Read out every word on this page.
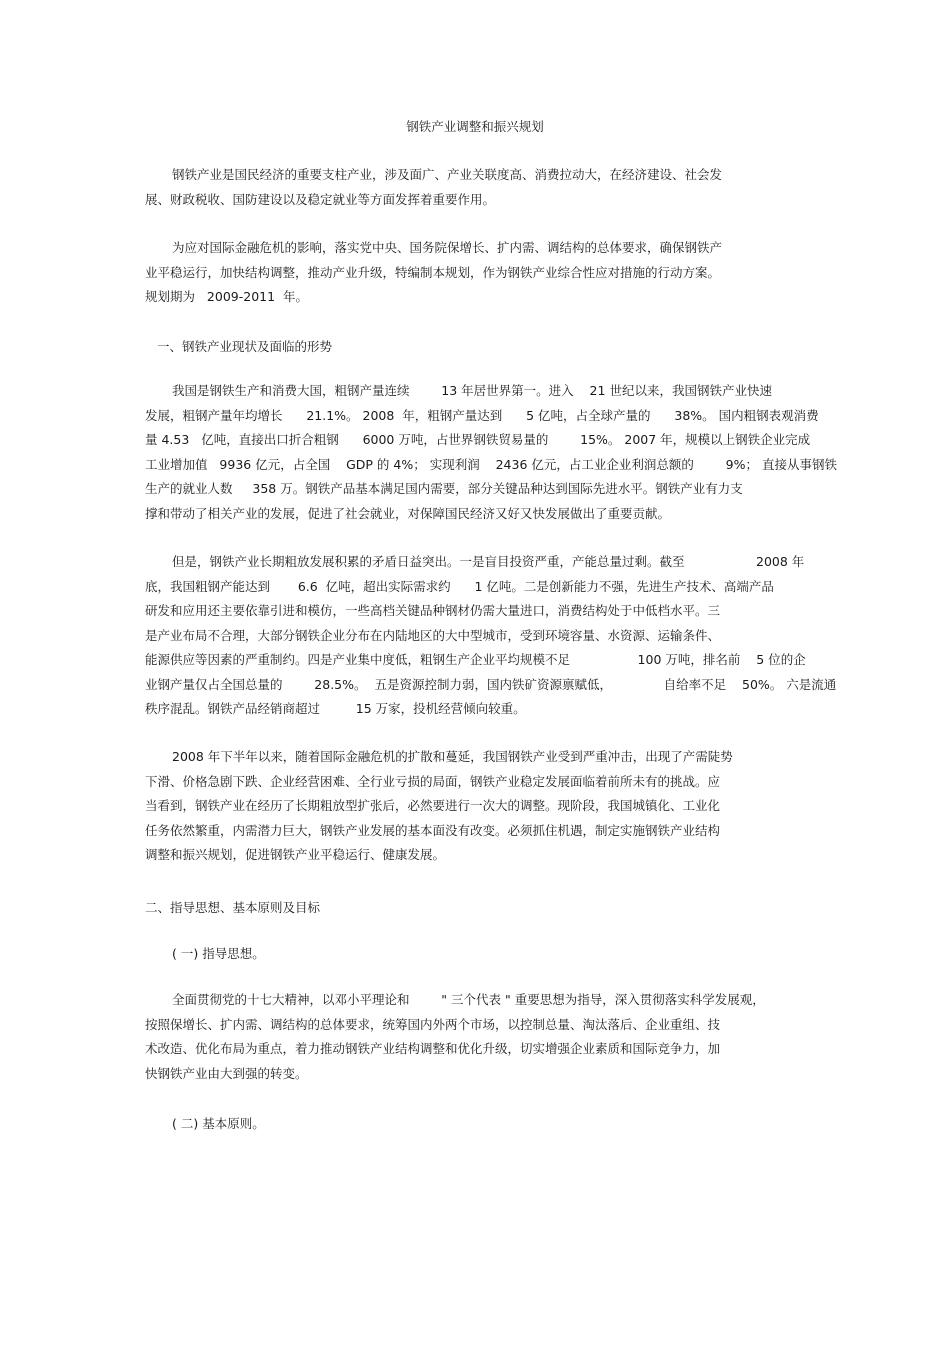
钢铁产业调整和振兴规划
钢铁产业是国民经济的重要支柱产业，涉及面广、产业关联度高、消费拉动大，在经济建设、社会发
展、财政税收、国防建设以及稳定就业等方面发挥着重要作用。
为应对国际金融危机的影响，落实党中央、国务院保增长、扩内需、调结构的总体要求，确保钢铁产
业平稳运行，加快结构调整，推动产业升级，特编制本规划，作为钢铁产业综合性应对措施的行动方案。
规划期为   2009-2011  年。
一、钢铁产业现状及面临的形势
我国是钢铁生产和消费大国，粗钢产量连续        13 年居世界第一。进入    21 世纪以来，我国钢铁产业快速
发展，粗钢产量年均增长      21.1%。 2008  年，粗钢产量达到      5 亿吨，占全球产量的      38%。 国内粗钢表观消费
量 4.53   亿吨，直接出口折合粗钢      6000 万吨，占世界钢铁贸易量的        15%。 2007 年，规模以上钢铁企业完成
工业增加值   9936 亿元，占全国    GDP 的 4%； 实现利润    2436 亿元，占工业企业利润总额的        9%； 直接从事钢铁
生产的就业人数     358 万。钢铁产品基本满足国内需要，部分关键品种达到国际先进水平。钢铁产业有力支
撑和带动了相关产业的发展，促进了社会就业，对保障国民经济又好又快发展做出了重要贡献。
但是，钢铁产业长期粗放发展积累的矛盾日益突出。一是盲目投资严重，产能总量过剩。截至                  2008 年
底，我国粗钢产能达到       6.6  亿吨，超出实际需求约      1 亿吨。二是创新能力不强，先进生产技术、高端产品
研发和应用还主要依靠引进和模仿，一些高档关键品种钢材仍需大量进口，消费结构处于中低档水平。三
是产业布局不合理，大部分钢铁企业分布在内陆地区的大中型城市，受到环境容量、水资源、运输条件、
能源供应等因素的严重制约。四是产业集中度低，粗钢生产企业平均规模不足                 100 万吨，排名前    5 位的企
业钢产量仅占全国总量的        28.5%。  五是资源控制力弱，国内铁矿资源禀赋低，             自给率不足    50%。 六是流通
秩序混乱。钢铁产品经销商超过         15 万家，投机经营倾向较重。
2008 年下半年以来，随着国际金融危机的扩散和蔓延，我国钢铁产业受到严重冲击，出现了产需陡势
下滑、价格急剧下跌、企业经营困难、全行业亏损的局面，钢铁产业稳定发展面临着前所未有的挑战。应
当看到，钢铁产业在经历了长期粗放型扩张后，必然要进行一次大的调整。现阶段，我国城镇化、工业化
任务依然繁重，内需潜力巨大，钢铁产业发展的基本面没有改变。必须抓住机遇，制定实施钢铁产业结构
调整和振兴规划，促进钢铁产业平稳运行、健康发展。
二、指导思想、基本原则及目标
( 一) 指导思想。
全面贯彻党的十七大精神，以邓小平理论和        " 三个代表 " 重要思想为指导，深入贯彻落实科学发展观，
按照保增长、扩内需、调结构的总体要求，统筹国内外两个市场，以控制总量、淘汰落后、企业重组、技
术改造、优化布局为重点，着力推动钢铁产业结构调整和优化升级，切实增强企业素质和国际竞争力，加
快钢铁产业由大到强的转变。
( 二) 基本原则。
